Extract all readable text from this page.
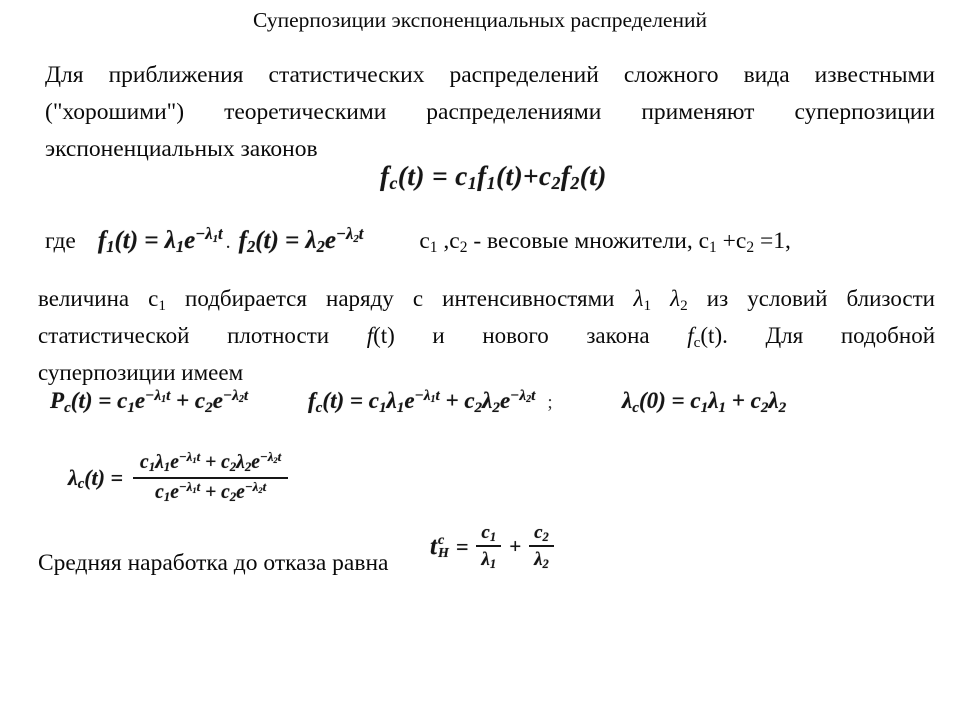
Суперпозиции экспоненциальных распределений
Для приближения статистических распределений сложного вида известными
("хорошими") теоретическими распределениями применяют суперпозиции
экспоненциальных законов
$f_c(t) = c_1f_1(t)+c_2f_2(t)$
где $f_1(t) = \lambda_1e^{-\lambda_1t}$ . $f_2(t) = \lambda_2e^{-\lambda_2t}$ $c_1$ $,c_2$ - весовые множители, $c_1 +c_2 =1$,
величина $c_1$ подбирается наряду с интенсивностями $\lambda_1$ $\lambda_2$ из условий близости
статистической плотности f(t) и нового закона $f_c(t)$. Для подобной
суперпозиции имеем
$P_c(t) = c_1e^{-\lambda_1t} + c_2e^{-\lambda_2t}$	$f_c(t) = c_1\lambda_1e^{-\lambda_1t} + c_2\lambda_2e^{-\lambda_2t}$ ;	$\lambda_c(0) = c_1\lambda_1 + c_2\lambda_2$
$\lambda_c(t) = \frac{c_1\lambda_1e^{-\lambda_1t} + c_2\lambda_2e^{-\lambda_2t}}{c_1e^{-\lambda_1t} + c_2e^{-\lambda_2t}}$
Средняя наработка до отказа равна
t c
$H = \frac{c_1}{\lambda_1} + \frac{c_2}{\lambda_2}$
